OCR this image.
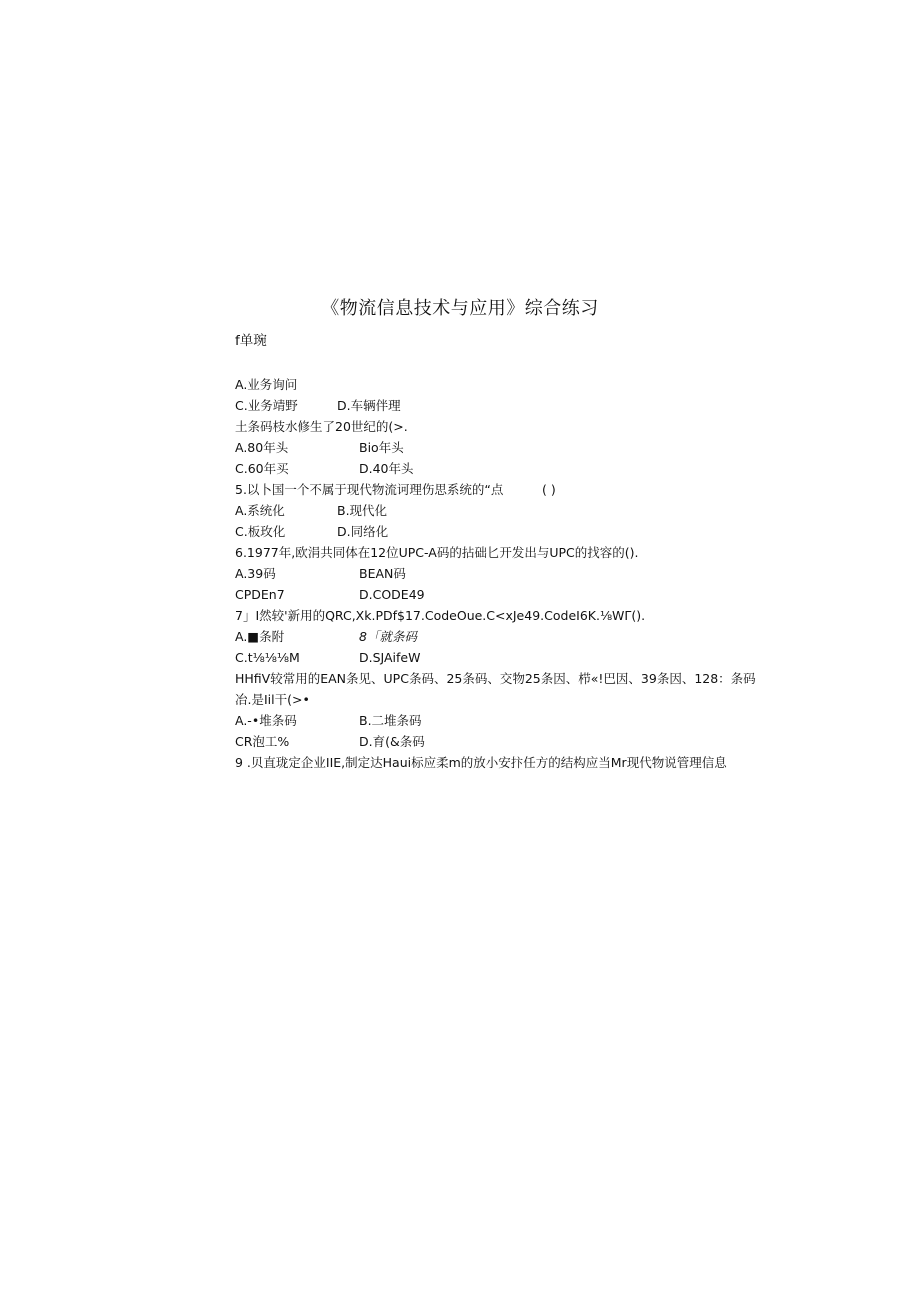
《物流信息技术与应用》综合练习
f单琬
A.业务询问
C.业务靖野	D.车辆伴理
土条码枝水修生了20世纪的(>.
A.80年头	Bio年头
C.60年买	D.40年头
5.以卜国一个不属于现代物流诃理伤思系统的“点	( )
A.系统化	B.现代化
C.板玫化	D.同络化
6.1977年,欧涓共同体在12位UPC-A码的拈础匕开发出与UPC的找容的().
A.39码	BEAN码
CPDEn7	D.CODE49
7」I然较'新用的QRC,Xk.PDf$17.CodeOue.C<xJe49.CodeI6K.⅛WΓ().
A.■条附	8「就条码
C.t⅛⅛⅛M	D.SJAifeW
HHfiV较常用的EAN条见、UPC条码、25条码、交物25条因、栉«!巴因、39条因、128：条码
冶.是Iil干(>•
A.-•堆条码	B.二堆条码
CR泡工%	D.育(&条码
9 .贝直珑定企业IIE,制定达Haui标应柔m的放小安抃任方的结构应当Mr现代物说管理信息
